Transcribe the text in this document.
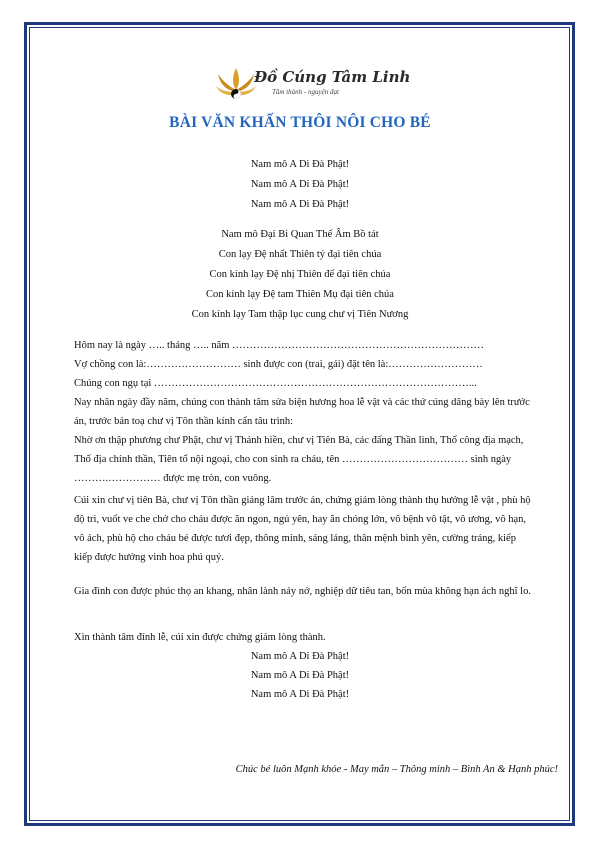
Đồ Cúng Tâm Linh
Tâm thành - nguyện đạt
BÀI VĂN KHẤN THÔI NÔI CHO BÉ
Nam mô A Di Đà Phật!
Nam mô A Di Đà Phật!
Nam mô A Di Đà Phật!
Nam mô Đại Bi Quan Thế Âm Bồ tát
Con lạy Đệ nhất Thiên tỷ đại tiên chúa
Con kính lạy Đệ nhị Thiên đế đại tiên chúa
Con kính lạy Đệ tam Thiên Mụ đại tiên chúa
Con kính lạy Tam thập lục cung chư vị Tiên Nương

Hôm nay là ngày ….. tháng ….. năm ………………………………………………………………

Vợ chồng con là:……………………… sinh được con (trai, gái) đặt tên là:………………………

Chúng con ngụ tại ………………………………………………………………………………...

Nay nhân ngày đầy năm, chúng con thành tâm sửa biện hương hoa lễ vật và các thứ cúng dâng bày lên trước án, trước bản toạ chư vị Tôn thần kính cẩn tâu trình:

Nhờ ơn thập phương chư Phật, chư vị Thánh hiền, chư vị Tiên Bà, các đấng Thần linh, Thổ công địa mạch, Thổ địa chính thần, Tiên tổ nội ngoại, cho con sinh ra cháu, tên ……………………………… sinh ngày ……….…………… được mẹ tròn, con vuông.

Cúi xin chư vị tiên Bà, chư vị Tôn thần giáng lâm trước án, chứng giám lòng thành thụ hưởng lễ vật , phù hộ độ trì, vuốt ve che chở cho cháu được ăn ngon, ngủ yên, hay ăn chóng lớn, vô bệnh vô tật, vô ương, vô hạn, vô ách, phù hộ cho cháu bé được tươi đẹp, thông minh, sáng láng, thân mệnh bình yên, cường tráng, kiếp kiếp được hưởng vinh hoa phú quý.

Gia đình con được phúc thọ an khang, nhân lành nảy nở, nghiệp dữ tiêu tan, bốn mùa không hạn ách nghĩ lo.

Xin thành tâm đính lễ, cúi xin được chứng giám lòng thành.

Nam mô A Di Đà Phật!
Nam mô A Di Đà Phật!
Nam mô A Di Đà Phật!
Chúc bé luôn Mạnh khỏe - May mắn – Thông minh – Bình An & Hạnh phúc!
